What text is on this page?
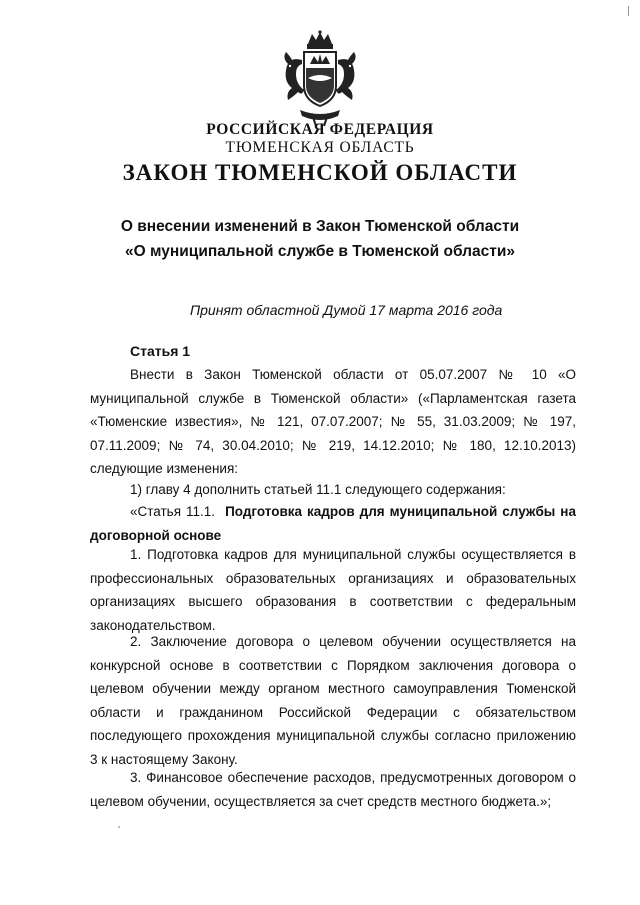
РОССИЙСКАЯ ФЕДЕРАЦИЯ
ТЮМЕНСКАЯ ОБЛАСТЬ
ЗАКОН ТЮМЕНСКОЙ ОБЛАСТИ
О внесении изменений в Закон Тюменской области
«О муниципальной службе в Тюменской области»
Принят областной Думой 17 марта 2016 года
Статья 1

Внести в Закон Тюменской области от 05.07.2007 № 10 «О муниципальной службе в Тюменской области» («Парламентская газета «Тюменские известия», № 121, 07.07.2007; № 55, 31.03.2009; № 197, 07.11.2009; № 74, 30.04.2010; № 219, 14.12.2010; № 180, 12.10.2013) следующие изменения:

1) главу 4 дополнить статьей 11.1 следующего содержания:

«Статья 11.1. Подготовка кадров для муниципальной службы на договорной основе

1. Подготовка кадров для муниципальной службы осуществляется в профессиональных образовательных организациях и образовательных организациях высшего образования в соответствии с федеральным законодательством.

2. Заключение договора о целевом обучении осуществляется на конкурсной основе в соответствии с Порядком заключения договора о целевом обучении между органом местного самоуправления Тюменской области и гражданином Российской Федерации с обязательством последующего прохождения муниципальной службы согласно приложению 3 к настоящему Закону.

3. Финансовое обеспечение расходов, предусмотренных договором о целевом обучении, осуществляется за счет средств местного бюджета.»;
